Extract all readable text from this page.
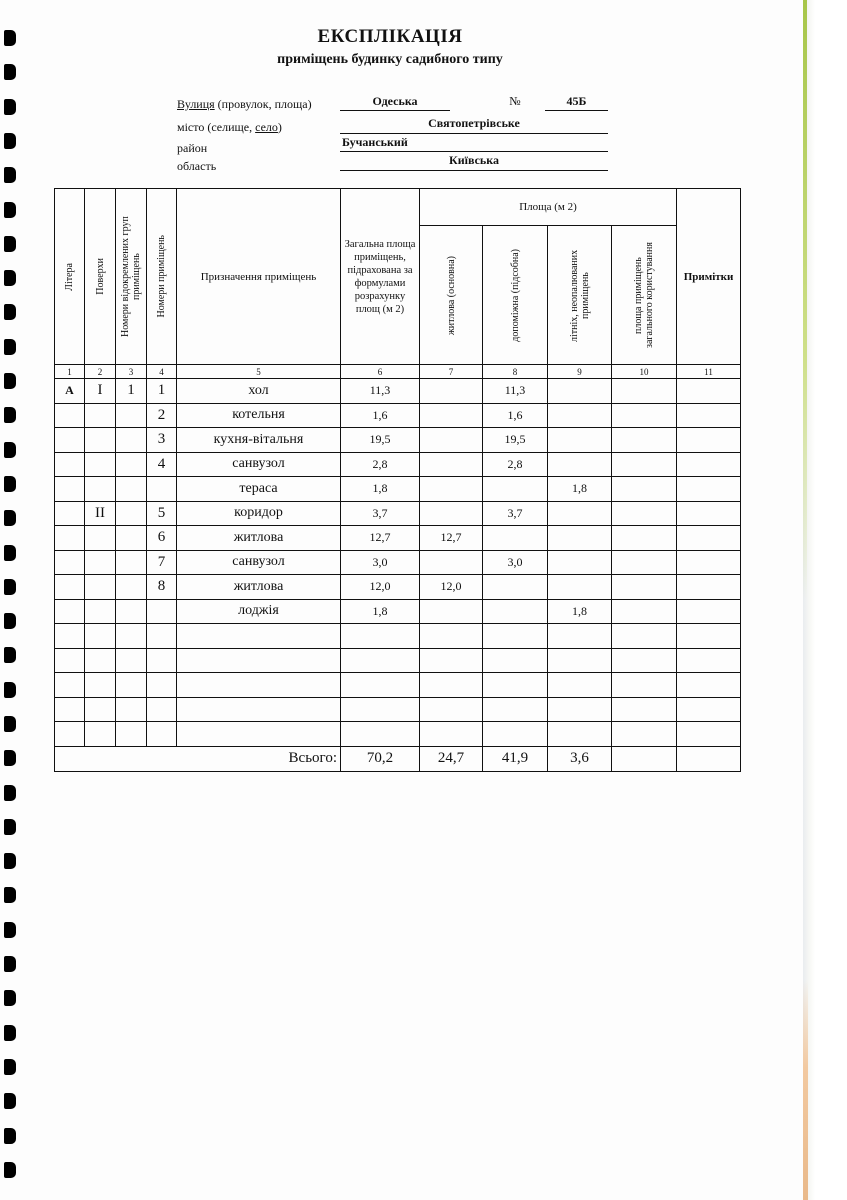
ЕКСПЛІКАЦІЯ
приміщень будинку садибного типу
Вулиця (провулок, площа)	Одеська	№	45Б
місто (селище, село)	Святопетрівське
район	Бучанський
область	Київська
Літера	Поверхи	Номери відокремлених груп приміщень	Номери приміщень	Призначення приміщень	Загальна площа приміщень, підрахована за формулами розрахунку площ (м 2)	Площа (м 2)				Примітки

						житлова (основна)	допоміжна (підсобна)	літніх, неопалюваних приміщень	площа приміщень загального користування	

1	2	3	4	5	6	7	8	9	10	11
А	I	1	1	хол	11,3		11,3			
			2	котельня	1,6		1,6			
			3	кухня-вітальня	19,5		19,5			
			4	санвузол	2,8		2,8			
				тераса	1,8			1,8		
	II		5	коридор	3,7		3,7			
			6	житлова	12,7	12,7				
			7	санвузол	3,0		3,0			
			8	житлова	12,0	12,0				
				лоджія	1,8			1,8		

Всього:					70,2	24,7	41,9	3,6		
